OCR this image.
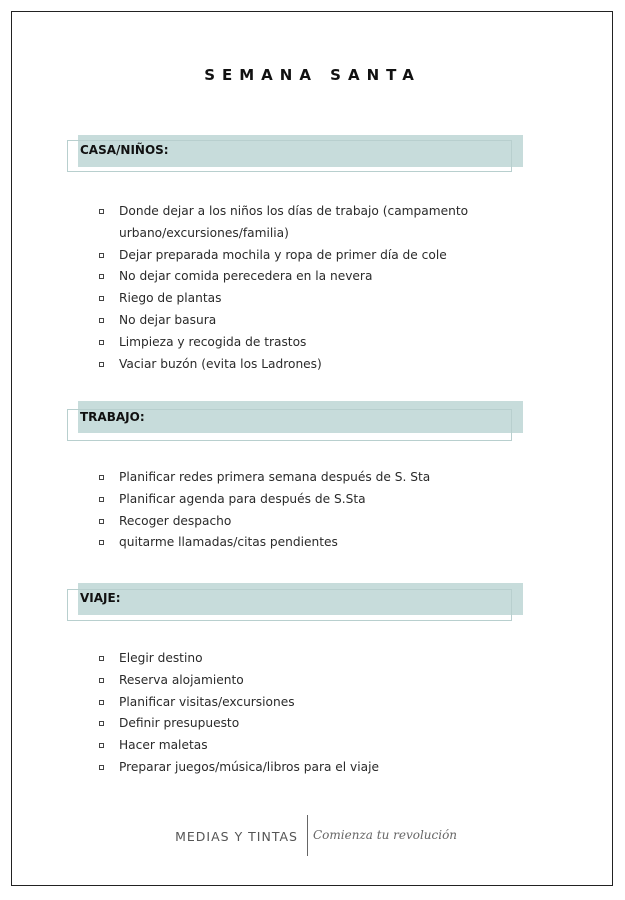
SEMANA SANTA
CASA/NIÑOS:
Donde dejar a los niños los días de trabajo (campamento urbano/excursiones/familia)
Dejar preparada mochila y ropa de primer día de cole
No dejar comida perecedera en la nevera
Riego de plantas
No dejar basura
Limpieza y recogida de trastos
Vaciar buzón (evita los Ladrones)
TRABAJO:
Planificar redes primera semana después de S. Sta
Planificar agenda para después de S.Sta
Recoger despacho
quitarme llamadas/citas pendientes
VIAJE:
Elegir destino
Reserva alojamiento
Planificar visitas/excursiones
Definir presupuesto
Hacer maletas
Preparar juegos/música/libros para el viaje
MEDIAS Y TINTAS Comienza tu revolución
